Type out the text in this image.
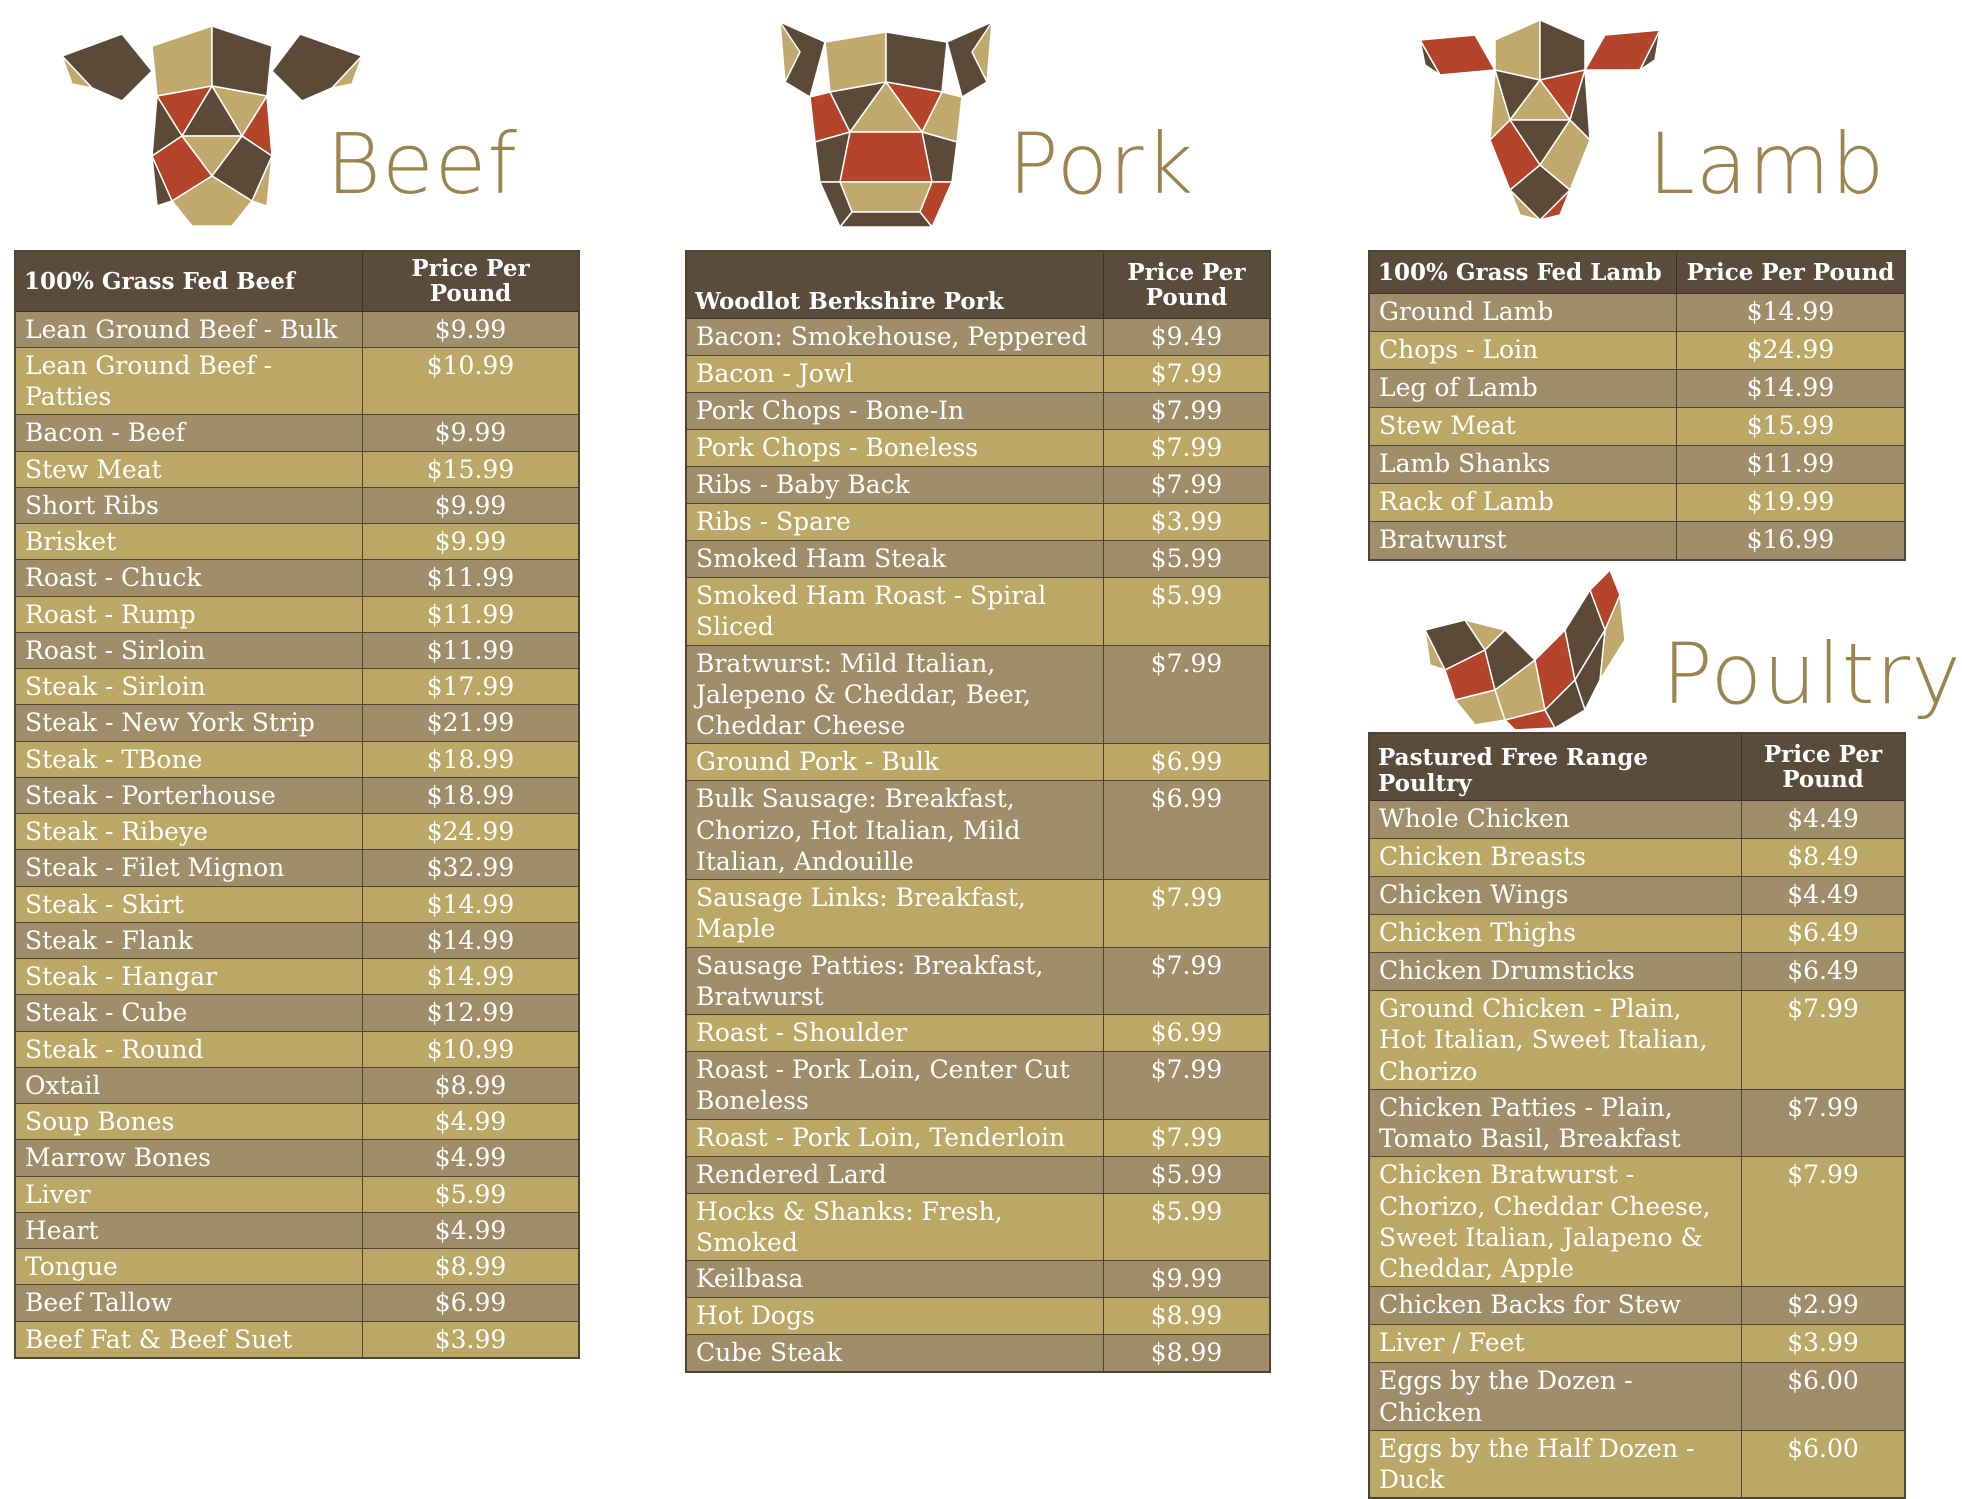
Beef
100% Grass Fed Beef	Price Per Pound
Lean Ground Beef - Bulk	$9.99
Lean Ground Beef - Patties	$10.99
Bacon - Beef	$9.99
Stew Meat	$15.99
Short Ribs	$9.99
Brisket	$9.99
Roast - Chuck	$11.99
Roast - Rump	$11.99
Roast - Sirloin	$11.99
Steak - Sirloin	$17.99
Steak - New York Strip	$21.99
Steak - TBone	$18.99
Steak - Porterhouse	$18.99
Steak - Ribeye	$24.99
Steak - Filet Mignon	$32.99
Steak - Skirt	$14.99
Steak - Flank	$14.99
Steak - Hangar	$14.99
Steak - Cube	$12.99
Steak - Round	$10.99
Oxtail	$8.99
Soup Bones	$4.99
Marrow Bones	$4.99
Liver	$5.99
Heart	$4.99
Tongue	$8.99
Beef Tallow	$6.99
Beef Fat & Beef Suet	$3.99
Pork
Woodlot Berkshire Pork	Price Per Pound
Bacon: Smokehouse, Peppered	$9.49
Bacon - Jowl	$7.99
Pork Chops - Bone-In	$7.99
Pork Chops - Boneless	$7.99
Ribs - Baby Back	$7.99
Ribs - Spare	$3.99
Smoked Ham Steak	$5.99
Smoked Ham Roast - Spiral Sliced	$5.99
Bratwurst: Mild Italian, Jalepeno & Cheddar, Beer, Cheddar Cheese	$7.99
Ground Pork - Bulk	$6.99
Bulk Sausage: Breakfast, Chorizo, Hot Italian, Mild Italian, Andouille	$6.99
Sausage Links: Breakfast, Maple	$7.99
Sausage Patties: Breakfast, Bratwurst	$7.99
Roast - Shoulder	$6.99
Roast - Pork Loin, Center Cut Boneless	$7.99
Roast - Pork Loin, Tenderloin	$7.99
Rendered Lard	$5.99
Hocks & Shanks: Fresh, Smoked	$5.99
Keilbasa	$9.99
Hot Dogs	$8.99
Cube Steak	$8.99
Lamb
100% Grass Fed Lamb	Price Per Pound
Ground Lamb	$14.99
Chops - Loin	$24.99
Leg of Lamb	$14.99
Stew Meat	$15.99
Lamb Shanks	$11.99
Rack of Lamb	$19.99
Bratwurst	$16.99
Poultry
Pastured Free Range Poultry	Price Per Pound
Whole Chicken	$4.49
Chicken Breasts	$8.49
Chicken Wings	$4.49
Chicken Thighs	$6.49
Chicken Drumsticks	$6.49
Ground Chicken - Plain, Hot Italian, Sweet Italian, Chorizo	$7.99
Chicken Patties - Plain, Tomato Basil, Breakfast	$7.99
Chicken Bratwurst - Chorizo, Cheddar Cheese, Sweet Italian, Jalapeno & Cheddar, Apple	$7.99
Chicken Backs for Stew	$2.99
Liver / Feet	$3.99
Eggs by the Dozen - Chicken	$6.00
Eggs by the Half Dozen - Duck	$6.00
